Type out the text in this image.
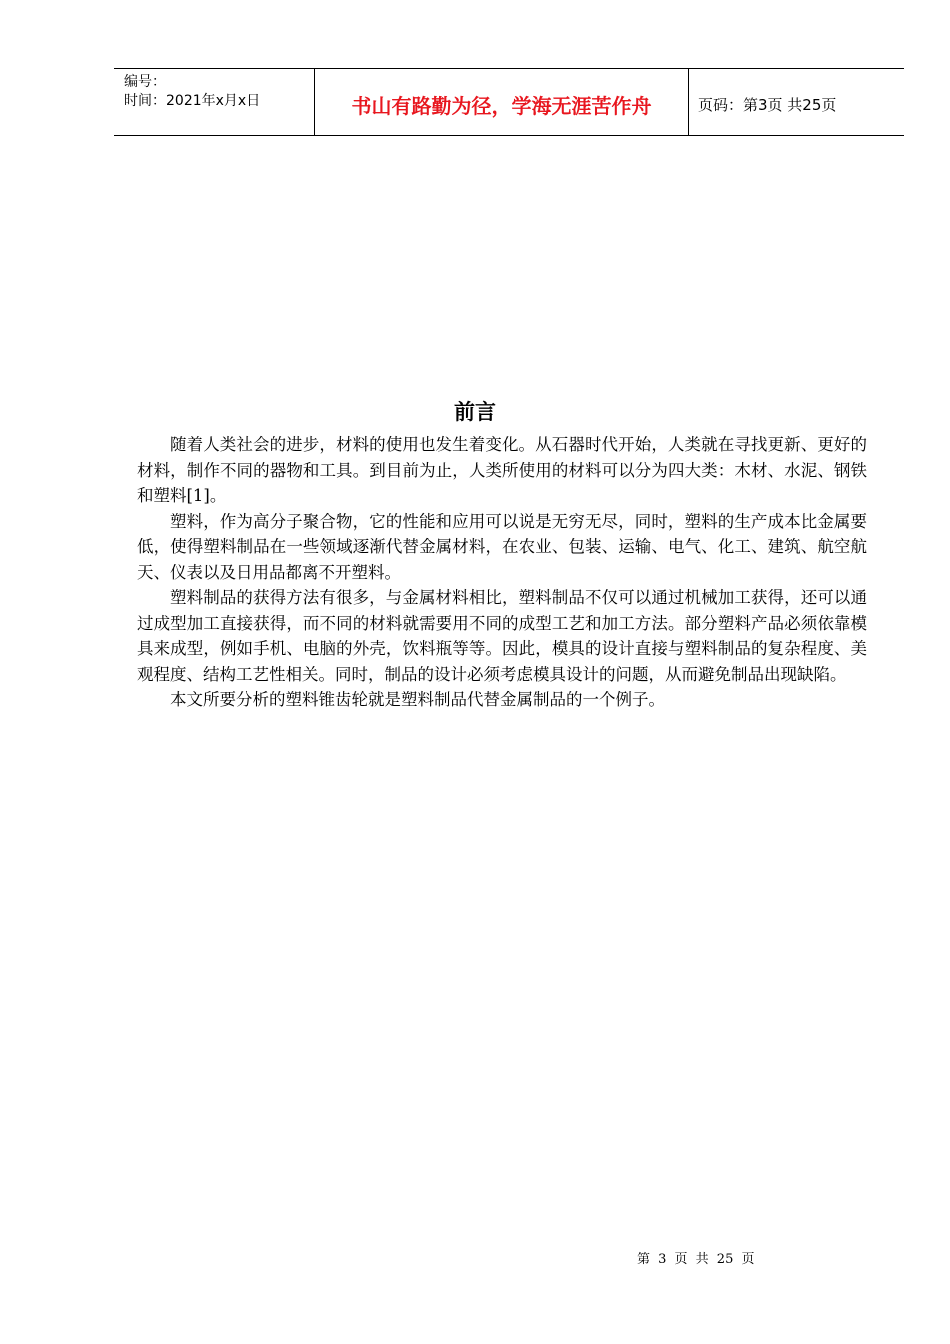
编号：
时间：2021年x月x日	书山有路勤为径，学海无涯苦作舟	页码：第3页 共25页
前言

随着人类社会的进步，材料的使用也发生着变化。从石器时代开始，人类就在寻找更新、更好的材料，制作不同的器物和工具。到目前为止，人类所使用的材料可以分为四大类：木材、水泥、钢铁和塑料[1]。

塑料，作为高分子聚合物，它的性能和应用可以说是无穷无尽，同时，塑料的生产成本比金属要低，使得塑料制品在一些领域逐渐代替金属材料，在农业、包装、运输、电气、化工、建筑、航空航天、仪表以及日用品都离不开塑料。

塑料制品的获得方法有很多，与金属材料相比，塑料制品不仅可以通过机械加工获得，还可以通过成型加工直接获得，而不同的材料就需要用不同的成型工艺和加工方法。部分塑料产品必须依靠模具来成型，例如手机、电脑的外壳，饮料瓶等等。因此，模具的设计直接与塑料制品的复杂程度、美观程度、结构工艺性相关。同时，制品的设计必须考虑模具设计的问题，从而避免制品出现缺陷。

本文所要分析的塑料锥齿轮就是塑料制品代替金属制品的一个例子。

第 3 页 共 25 页
